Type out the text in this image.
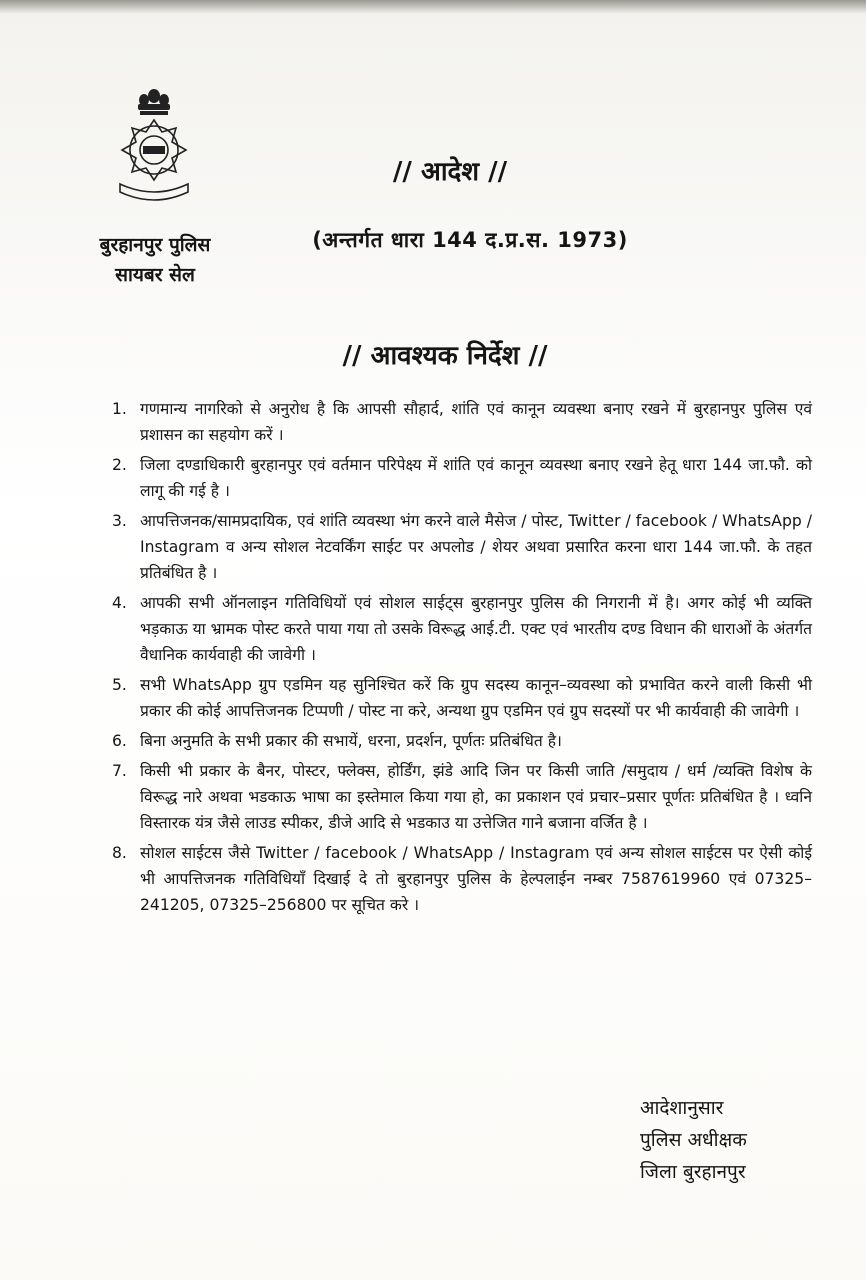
बुरहानपुर पुलिस
सायबर सेल
// आदेश //
(अन्तर्गत धारा 144 द.प्र.स. 1973)
// आवश्यक निर्देश //
1. गणमान्य नागरिको से अनुरोध है कि आपसी सौहार्द, शांति एवं कानून व्यवस्था बनाए रखने में बुरहानपुर पुलिस एवं प्रशासन का सहयोग करें ।
2. जिला दण्डाधिकारी बुरहानपुर एवं वर्तमान परिपेक्ष्य में शांति एवं कानून व्यवस्था बनाए रखने हेतू धारा 144 जा.फौ. को लागू की गई है ।
3. आपत्तिजनक/सामप्रदायिक, एवं शांति व्यवस्था भंग करने वाले मैसेज / पोस्ट, Twitter / facebook / WhatsApp / Instagram व अन्य सोशल नेटवर्किंग साईट पर अपलोड / शेयर अथवा प्रसारित करना धारा 144 जा.फौ. के तहत प्रतिबंधित है ।
4. आपकी सभी ऑनलाइन गतिविधियों एवं सोशल साईट्स बुरहानपुर पुलिस की निगरानी में है। अगर कोई भी व्यक्ति भड़काऊ या भ्रामक पोस्ट करते पाया गया तो उसके विरूद्ध आई.टी. एक्ट एवं भारतीय दण्ड विधान की धाराओं के अंतर्गत वैधानिक कार्यवाही की जावेगी ।
5. सभी WhatsApp ग्रुप एडमिन यह सुनिश्चित करें कि ग्रुप सदस्य कानून–व्यवस्था को प्रभावित करने वाली किसी भी प्रकार की कोई आपत्तिजनक टिप्पणी / पोस्ट ना करे, अन्यथा ग्रुप एडमिन एवं ग्रुप सदस्यों पर भी कार्यवाही की जावेगी ।
6. बिना अनुमति के सभी प्रकार की सभायें, धरना, प्रदर्शन, पूर्णतः प्रतिबंधित है।
7. किसी भी प्रकार के बैनर, पोस्टर, फ्लेक्स, होर्डिंग, झंडे आदि जिन पर किसी जाति /समुदाय / धर्म /व्यक्ति विशेष के विरूद्ध नारे अथवा भडकाऊ भाषा का इस्तेमाल किया गया हो, का प्रकाशन एवं प्रचार–प्रसार पूर्णतः प्रतिबंधित है । ध्वनि विस्तारक यंत्र जैसे लाउड स्पीकर, डीजे आदि से भडकाउ या उत्तेजित गाने बजाना वर्जित है ।
8. सोशल साईटस जैसे Twitter / facebook / WhatsApp / Instagram एवं अन्य सोशल साईटस पर ऐसी कोई भी आपत्तिजनक गतिविधियाँ दिखाई दे तो बुरहानपुर पुलिस के हेल्पलाईन नम्बर 7587619960 एवं 07325–241205, 07325–256800 पर सूचित करे ।
आदेशानुसार
पुलिस अधीक्षक
जिला बुरहानपुर
